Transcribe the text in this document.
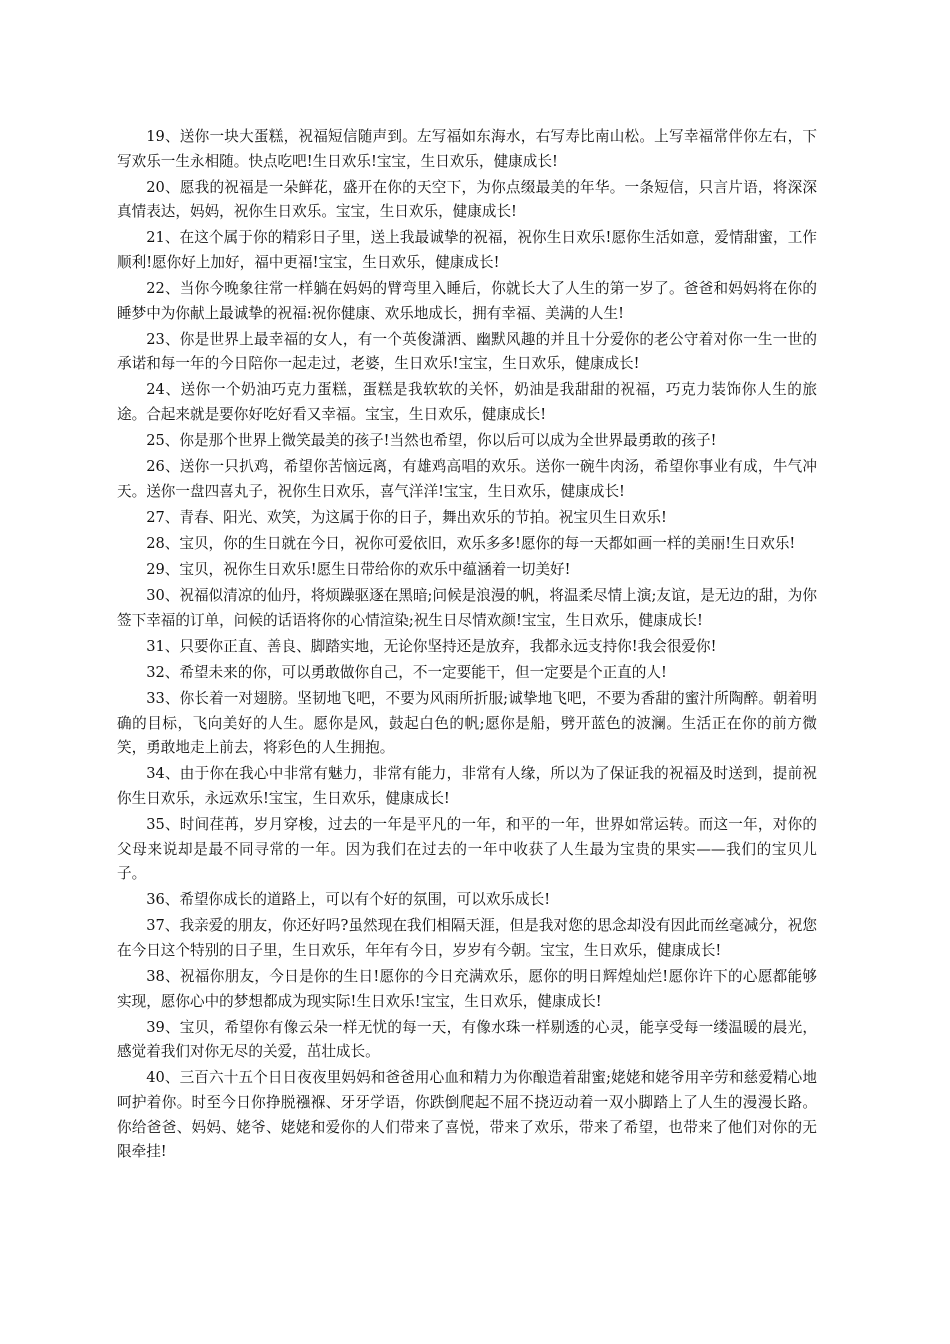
19、送你一块大蛋糕，祝福短信随声到。左写福如东海水，右写寿比南山松。上写幸福常伴你左右，下写欢乐一生永相随。快点吃吧!生日欢乐!宝宝，生日欢乐，健康成长!

20、愿我的祝福是一朵鲜花，盛开在你的天空下，为你点缀最美的年华。一条短信，只言片语，将深深真情表达，妈妈，祝你生日欢乐。宝宝，生日欢乐，健康成长!

21、在这个属于你的精彩日子里，送上我最诚挚的祝福，祝你生日欢乐!愿你生活如意，爱情甜蜜，工作顺利!愿你好上加好，福中更福!宝宝，生日欢乐，健康成长!

22、当你今晚象往常一样躺在妈妈的臂弯里入睡后，你就长大了人生的第一岁了。爸爸和妈妈将在你的睡梦中为你献上最诚挚的祝福:祝你健康、欢乐地成长，拥有幸福、美满的人生!

23、你是世界上最幸福的女人，有一个英俊潇洒、幽默风趣的并且十分爱你的老公守着对你一生一世的承诺和每一年的今日陪你一起走过，老婆，生日欢乐!宝宝，生日欢乐，健康成长!

24、送你一个奶油巧克力蛋糕，蛋糕是我软软的关怀，奶油是我甜甜的祝福，巧克力装饰你人生的旅途。合起来就是要你好吃好看又幸福。宝宝，生日欢乐，健康成长!

25、你是那个世界上微笑最美的孩子!当然也希望，你以后可以成为全世界最勇敢的孩子!

26、送你一只扒鸡，希望你苦恼远离，有雄鸡高唱的欢乐。送你一碗牛肉汤，希望你事业有成，牛气冲天。送你一盘四喜丸子，祝你生日欢乐，喜气洋洋!宝宝，生日欢乐，健康成长!

27、青春、阳光、欢笑，为这属于你的日子，舞出欢乐的节拍。祝宝贝生日欢乐!

28、宝贝，你的生日就在今日，祝你可爱依旧，欢乐多多!愿你的每一天都如画一样的美丽!生日欢乐!

29、宝贝，祝你生日欢乐!愿生日带给你的欢乐中蕴涵着一切美好!

30、祝福似清凉的仙丹，将烦躁驱逐在黑暗;问候是浪漫的帆，将温柔尽情上演;友谊，是无边的甜，为你签下幸福的订单，问候的话语将你的心情渲染;祝生日尽情欢颜!宝宝，生日欢乐，健康成长!

31、只要你正直、善良、脚踏实地，无论你坚持还是放弃，我都永远支持你!我会很爱你!

32、希望未来的你，可以勇敢做你自己，不一定要能干，但一定要是个正直的人!

33、你长着一对翅膀。坚韧地飞吧，不要为风雨所折服;诚挚地飞吧，不要为香甜的蜜汁所陶醉。朝着明确的目标，飞向美好的人生。愿你是风，鼓起白色的帆;愿你是船，劈开蓝色的波澜。生活正在你的前方微笑，勇敢地走上前去，将彩色的人生拥抱。

34、由于你在我心中非常有魅力，非常有能力，非常有人缘，所以为了保证我的祝福及时送到，提前祝你生日欢乐，永远欢乐!宝宝，生日欢乐，健康成长!

35、时间荏苒，岁月穿梭，过去的一年是平凡的一年，和平的一年，世界如常运转。而这一年，对你的父母来说却是最不同寻常的一年。因为我们在过去的一年中收获了人生最为宝贵的果实——我们的宝贝儿子。

36、希望你成长的道路上，可以有个好的氛围，可以欢乐成长!

37、我亲爱的朋友，你还好吗?虽然现在我们相隔天涯，但是我对您的思念却没有因此而丝毫减分，祝您在今日这个特别的日子里，生日欢乐，年年有今日，岁岁有今朝。宝宝，生日欢乐，健康成长!

38、祝福你朋友，今日是你的生日!愿你的今日充满欢乐，愿你的明日辉煌灿烂!愿你许下的心愿都能够实现，愿你心中的梦想都成为现实际!生日欢乐!宝宝，生日欢乐，健康成长!

39、宝贝，希望你有像云朵一样无忧的每一天，有像水珠一样剔透的心灵，能享受每一缕温暖的晨光，感觉着我们对你无尽的关爱，茁壮成长。

40、三百六十五个日日夜夜里妈妈和爸爸用心血和精力为你酿造着甜蜜;姥姥和姥爷用辛劳和慈爱精心地呵护着你。时至今日你挣脱襁褓、牙牙学语，你跌倒爬起不屈不挠迈动着一双小脚踏上了人生的漫漫长路。你给爸爸、妈妈、姥爷、姥姥和爱你的人们带来了喜悦，带来了欢乐，带来了希望，也带来了他们对你的无限牵挂!
